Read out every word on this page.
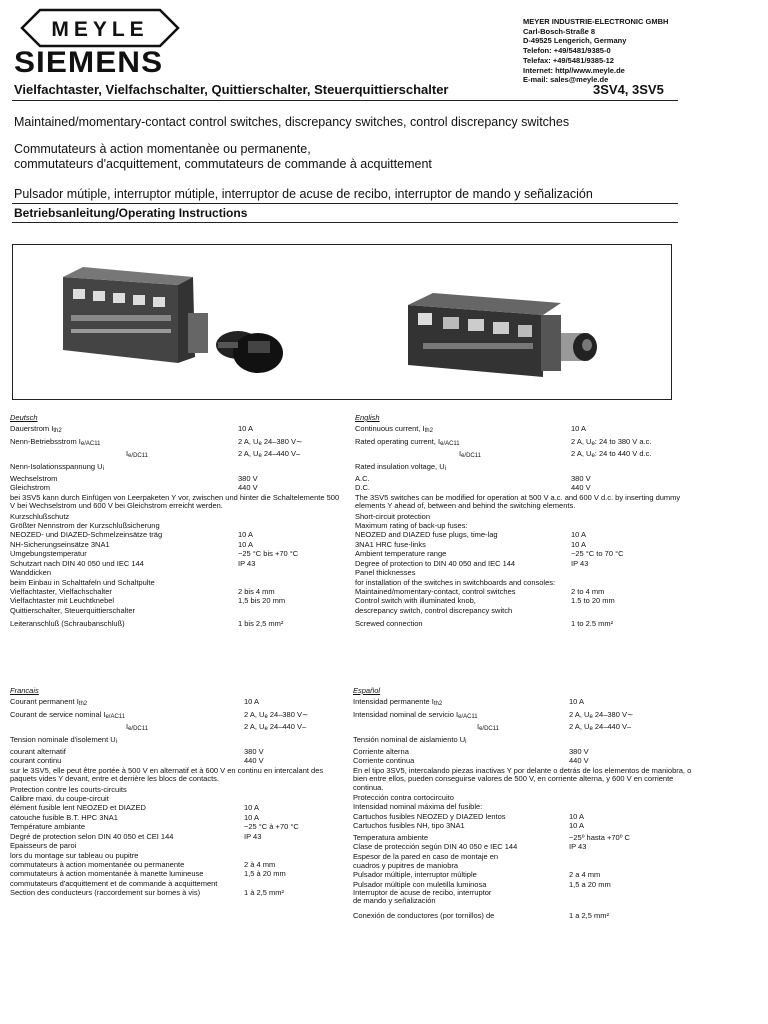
MEYLE
SIEMENS
MEYER INDUSTRIE-ELECTRONIC GMBH
Carl-Bosch-Straße 8
D-49525 Lengerich, Germany
Telefon: +49/5481/9385-0
Telefax: +49/5481/9385-12
Internet: http//www.meyle.de
E-mail: sales@meyle.de
Vielfachtaster, Vielfachschalter, Quittierschalter, Steuerquittierschalter	3SV4, 3SV5
Maintained/momentary-contact control switches, discrepancy switches, control discrepancy switches
Commutateurs à action momentanèe ou permanente,
commutateurs d'acquittement, commutateurs de commande à acquittement
Pulsador mútiple, interruptor mútiple, interruptor de acuse de recibo, interruptor de mando y señalización
Betriebsanleitung/Operating Instructions
Deutsch
Dauerstrom $I_{th2}$	10 A
Nenn-Betriebsstrom $I_{e/AC11}$	2 A, $U_e$ 24–380 V∼
$I_{e/DC11}$	2 A, $U_e$ 24–440 V–
Nenn-Isolationsspannung $U_i$
Wechselstrom	380 V
Gleichstrom	440 V
bei 3SV5 kann durch Einfügen von Leerpaketen Y vor, zwischen und hinter die Schaltelemente 500 V bei Wechselstrom und 600 V bei Gleichstrom erreicht werden.
Kurzschlußschutz
Größter Nennstrom der Kurzschlußsicherung
NEOZED- und DIAZED-Schmelzeinsätze träg	10 A
NH-Sicherungseinsätze 3NA1	10 A
Umgebungstemperatur	−25 °C bis +70 °C
Schutzart nach DIN 40 050 und IEC 144	IP 43
Wanddicken
beim Einbau in Schalttafeln und Schaltpulte
Vielfachtaster, Vielfachschalter	2 bis 4 mm
Vielfachtaster mit Leuchtknebel	1,5 bis 20 mm
Quittierschalter, Steuerquittierschalter
Leiteranschluß (Schraubanschluß)	1 bis 2,5 mm²
English
Continuous current, $I_{th2}$	10 A
Rated operating current, $I_{e/AC11}$	2 A, $U_e$: 24 to 380 V a.c.
$I_{e/DC11}$	2 A, $U_e$: 24 to 440 V d.c.
Rated insulation voltage, $U_i$
A.C.	380 V
D.C.	440 V
The 3SV5 switches can be modified for operation at 500 V a.c. and 600 V d.c. by inserting dummy elements Y ahead of, between and behind the switching elements.
Short-circuit protection
Maximum rating of back-up fuses:
NEOZED and DIAZED fuse plugs, time-lag	10 A
3NA1 HRC fuse-links	10 A
Ambient temperature range	−25 °C to 70 °C
Degree of protection to DIN 40 050 and IEC 144	IP 43
Panel thicknesses
for installation of the switches in switchboards and consoles:
Maintained/momentary-contact, control switches	2 to 4 mm
Control switch with illuminated knob,	1.5 to 20 mm
descrepancy switch, control discrepancy switch
Screwed connection	1 to 2.5 mm²
Francais
Courant permanent $I_{th2}$	10 A
Courant de service nominal $I_{e/AC11}$	2 A, $U_e$ 24–380 V∼
$I_{e/DC11}$	2 A, $U_e$ 24–440 V–
Tension nominale d'isolement $U_i$
courant alternatif	380 V
courant continu	440 V
sur le 3SV5, elle peut être portée à 500 V en alternatif et à 600 V en continu en intercalant des paquets vides Y devant, entre et derrière les blocs de contacts.
Protection contre les courts-circuits
Calibre maxi. du coupe-circuit
élément fusible lent NEOZED et DIAZED	10 A
catouche fusible B.T. HPC 3NA1	10 A
Température ambiante	−25 °C à +70 °C
Degré de protection selon DIN 40 050 et CEI 144	IP 43
Epaisseurs de paroi
lors du montage sur tableau ou pupitre
commutateurs à action momentanée ou permanente	2 à 4 mm
commutateurs à action momentanée à manette lumineuse	1,5 à 20 mm
commutateurs d'acquittement et de commande à acquittement
Section des conducteurs (raccordement sur bornes à vis)	1 à 2,5 mm²
Español
Intensidad permanente $I_{th2}$	10 A
Intensidad nominal de servicio $I_{e/AC11}$	2 A, $U_e$ 24–380 V∼
$I_{e/DC11}$	2 A, $U_e$ 24–440 V–
Tensión nominal de aislamiento $U_i$
Corriente alterna	380 V
Corriente continua	440 V
En el tipo 3SV5, intercalando piezas inactivas Y por delante o detrás de los elementos de maniobra, o bien entre ellos, pueden conseguirse valores de 500 V, en corriente alterna, y 600 V en corriente continua.
Protección contra cortocircuito
Intensidad nominal máxima del fusible:
Cartuchos fusibles NEOZED y DIAZED lentos	10 A
Cartuchos fusibles NH, tipo 3NA1	10 A
Temperatura ambiente	−25º hasta +70º C
Clase de protección según DIN 40 050 e IEC 144	IP 43
Espesor de la pared en caso de montaje en
cuadros y pupitres de maniobra
Pulsador múltiple, interruptor múltiple	2 a 4 mm
Pulsador múltiple con muletilla luminosa	1,5 a 20 mm
Interruptor de acuse de recibo, interruptor de mando y señalización
Conexión de conductores (por tornillos) de	1 a 2,5 mm²
